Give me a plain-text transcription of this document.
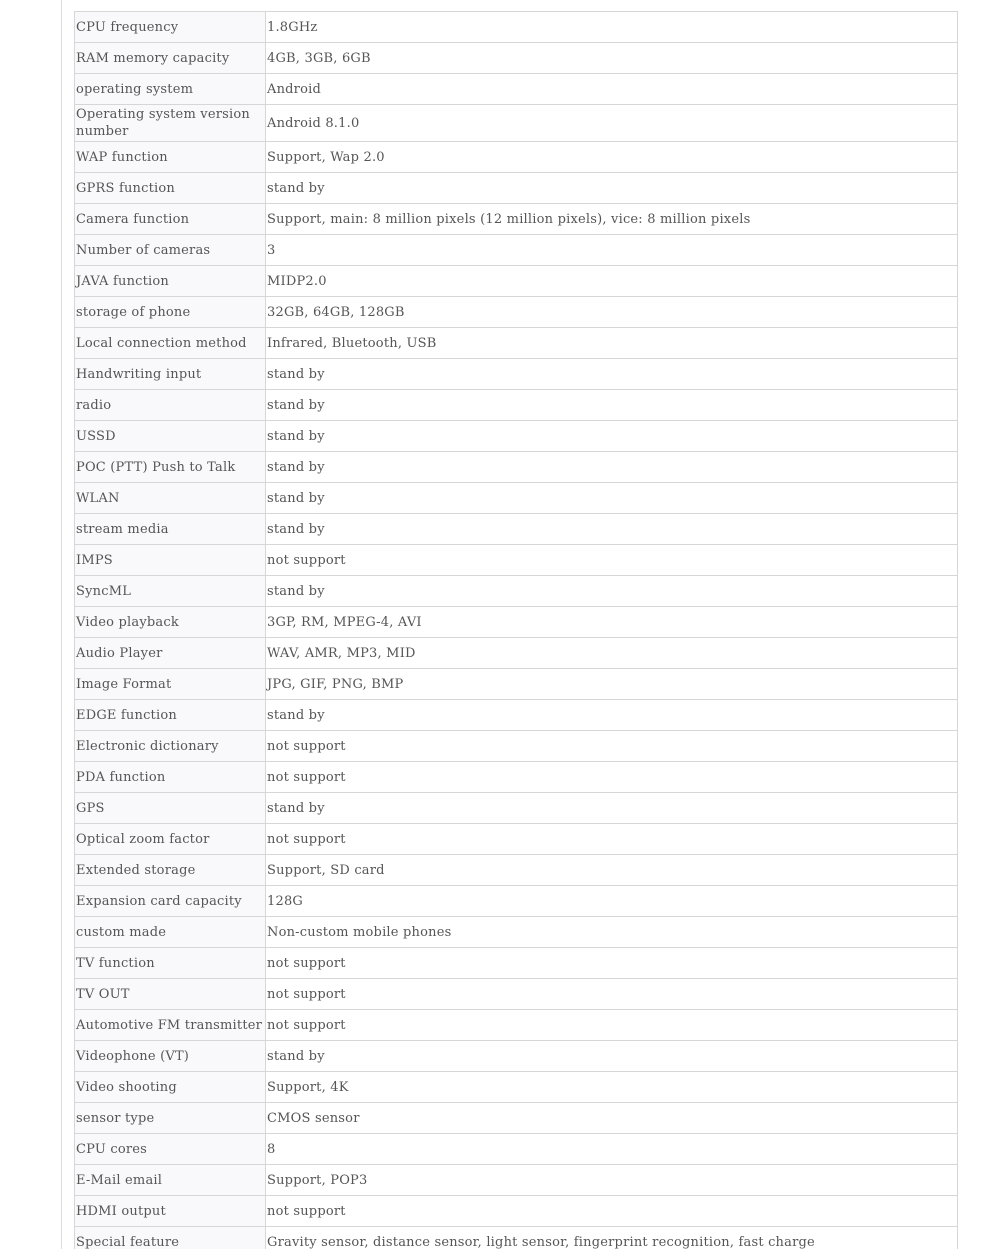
CPU frequency	1.8GHz
RAM memory capacity	4GB, 3GB, 6GB
operating system	Android
Operating system version number	Android 8.1.0
WAP function	Support, Wap 2.0
GPRS function	stand by
Camera function	Support, main: 8 million pixels (12 million pixels), vice: 8 million pixels
Number of cameras	3
JAVA function	MIDP2.0
storage of phone	32GB, 64GB, 128GB
Local connection method	Infrared, Bluetooth, USB
Handwriting input	stand by
radio	stand by
USSD	stand by
POC (PTT) Push to Talk	stand by
WLAN	stand by
stream media	stand by
IMPS	not support
SyncML	stand by
Video playback	3GP, RM, MPEG-4, AVI
Audio Player	WAV, AMR, MP3, MID
Image Format	JPG, GIF, PNG, BMP
EDGE function	stand by
Electronic dictionary	not support
PDA function	not support
GPS	stand by
Optical zoom factor	not support
Extended storage	Support, SD card
Expansion card capacity	128G
custom made	Non-custom mobile phones
TV function	not support
TV OUT	not support
Automotive FM transmitter	not support
Videophone (VT)	stand by
Video shooting	Support, 4K
sensor type	CMOS sensor
CPU cores	8
E-Mail email	Support, POP3
HDMI output	not support
Special feature	Gravity sensor, distance sensor, light sensor, fingerprint recognition, fast charge
